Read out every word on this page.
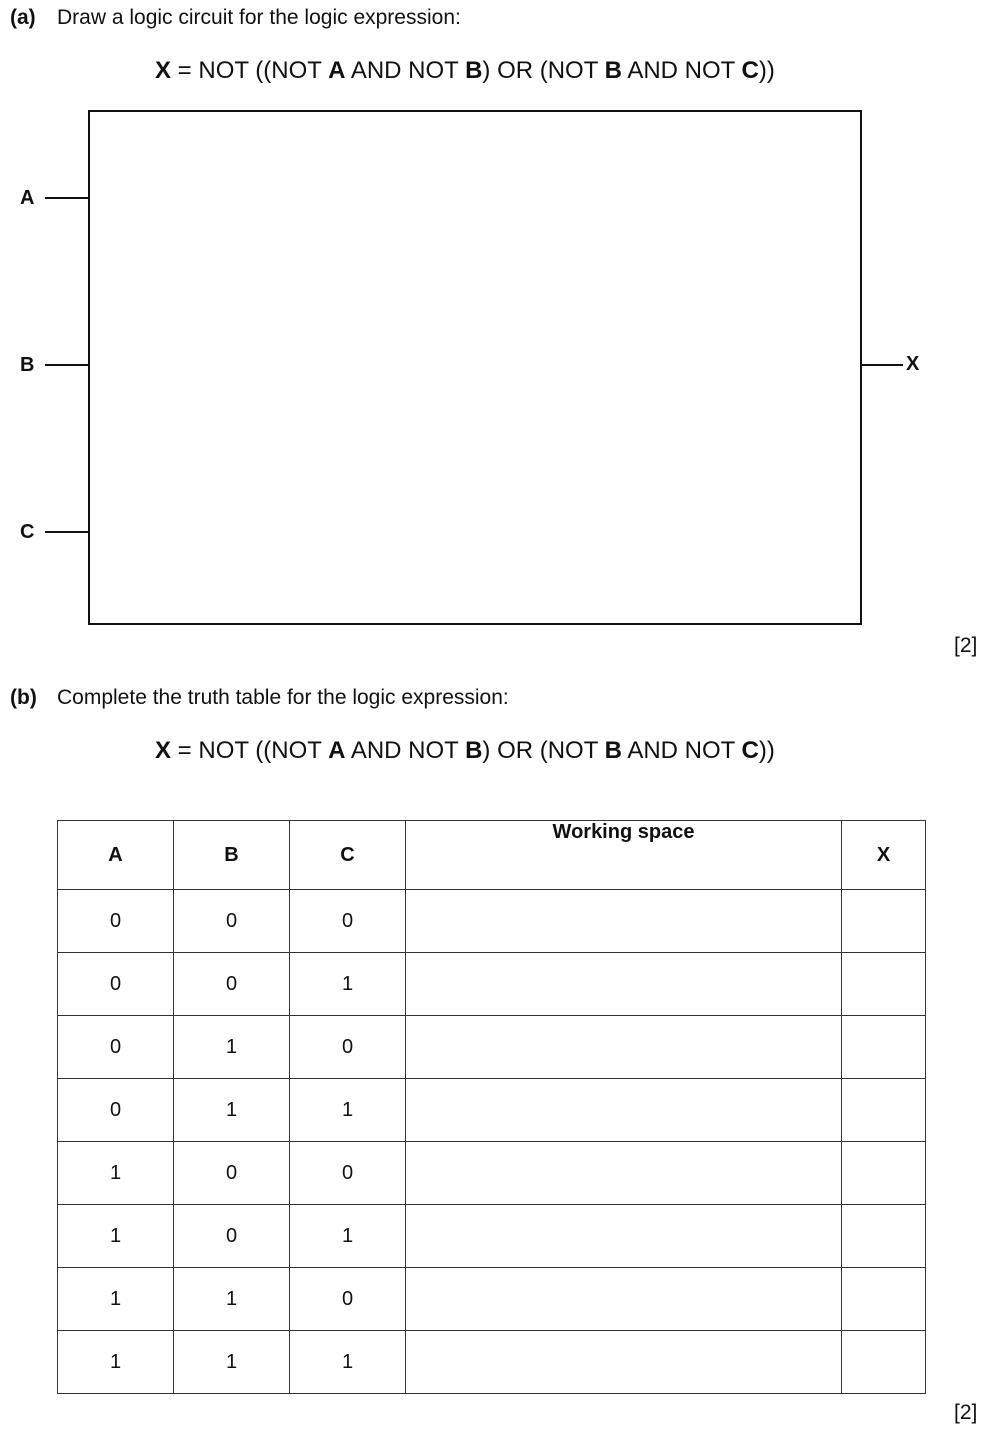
(a) Draw a logic circuit for the logic expression:
X = NOT ((NOT A AND NOT B) OR (NOT B AND NOT C))
A
B
C
X
[2]
(b) Complete the truth table for the logic expression:
X = NOT ((NOT A AND NOT B) OR (NOT B AND NOT C))
A	B	C	Working space	X
0	0	0		
0	0	1		
0	1	0		
0	1	1		
1	0	0		
1	0	1		
1	1	0		
1	1	1		
[2]
